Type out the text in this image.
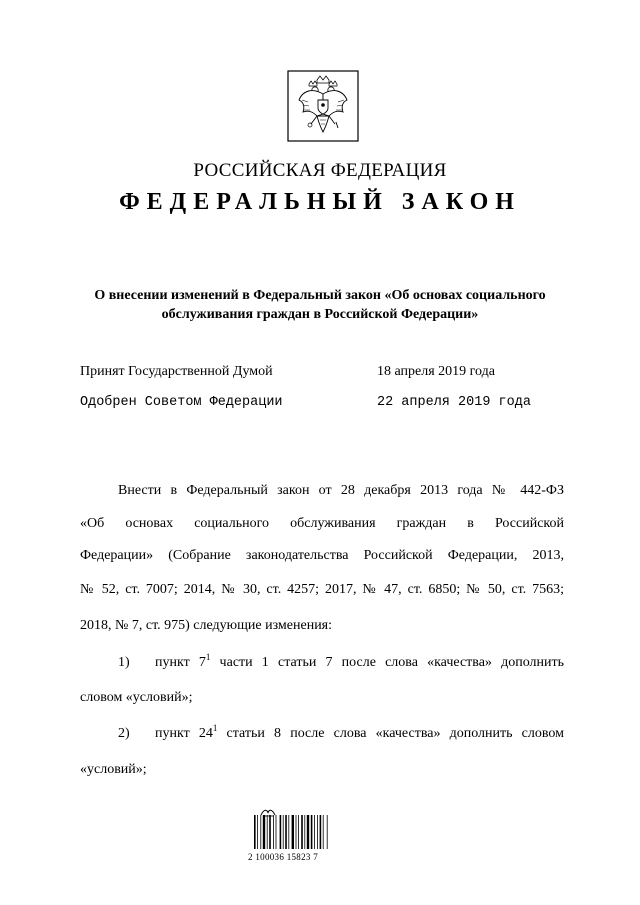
РОССИЙСКАЯ ФЕДЕРАЦИЯ
ФЕДЕРАЛЬНЫЙ ЗАКОН
О внесении изменений в Федеральный закон «Об основах социального
обслуживания граждан в Российской Федерации»
Принят Государственной Думой	18 апреля 2019 года
Одобрен Советом Федерации	22 апреля 2019 года
Внести в Федеральный закон от 28 декабря 2013 года № 442-ФЗ
«Об основах социального обслуживания граждан в Российской
Федерации» (Собрание законодательства Российской Федерации, 2013,
№ 52, ст. 7007; 2014, № 30, ст. 4257; 2017, № 47, ст. 6850; № 50, ст. 7563;
2018, № 7, ст. 975) следующие изменения:
1)	пункт $7^1$ части 1 статьи 7 после слова «качества» дополнить
словом «условий»;
2)	пункт $24^1$ статьи 8 после слова «качества» дополнить словом
«условий»;
2 100036 15823 7
